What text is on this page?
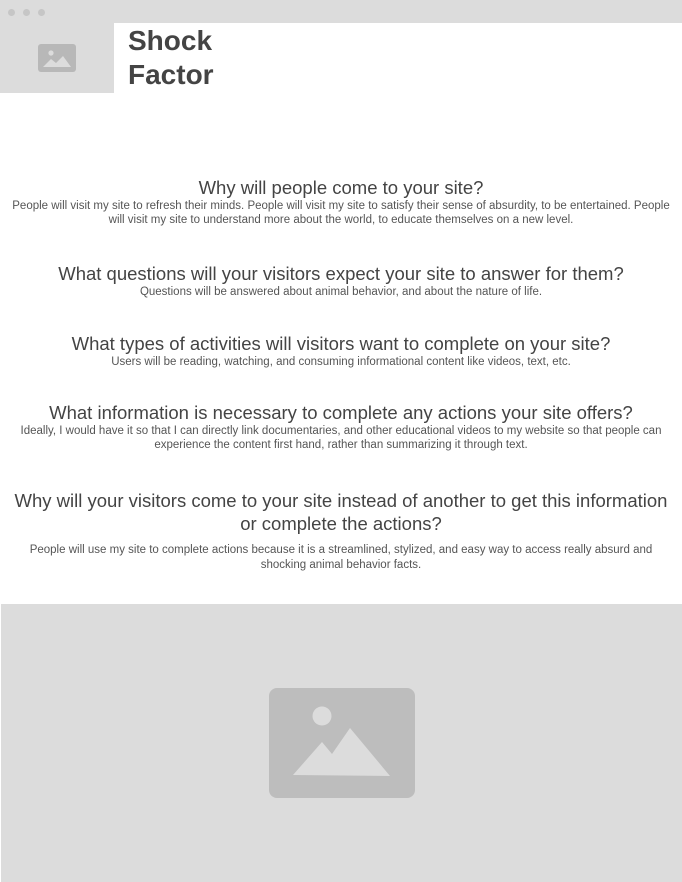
Shock
Factor
Why will people come to your site?
People will visit my site to refresh their minds. People will visit my site to satisfy their sense of absurdity, to be entertained. People will visit my site to understand more about the world, to educate themselves on a new level.
What questions will your visitors expect your site to answer for them?
Questions will be answered about animal behavior, and about the nature of life.
What types of activities will visitors want to complete on your site?
Users will be reading, watching, and consuming informational content like videos, text, etc.
What information is necessary to complete any actions your site offers?
Ideally, I would have it so that I can directly link documentaries, and other educational videos to my website so that people can experience the content first hand, rather than summarizing it through text.
Why will your visitors come to your site instead of another to get this information or complete the actions?
People will use my site to complete actions because it is a streamlined, stylized, and easy way to access really absurd and shocking animal behavior facts.
